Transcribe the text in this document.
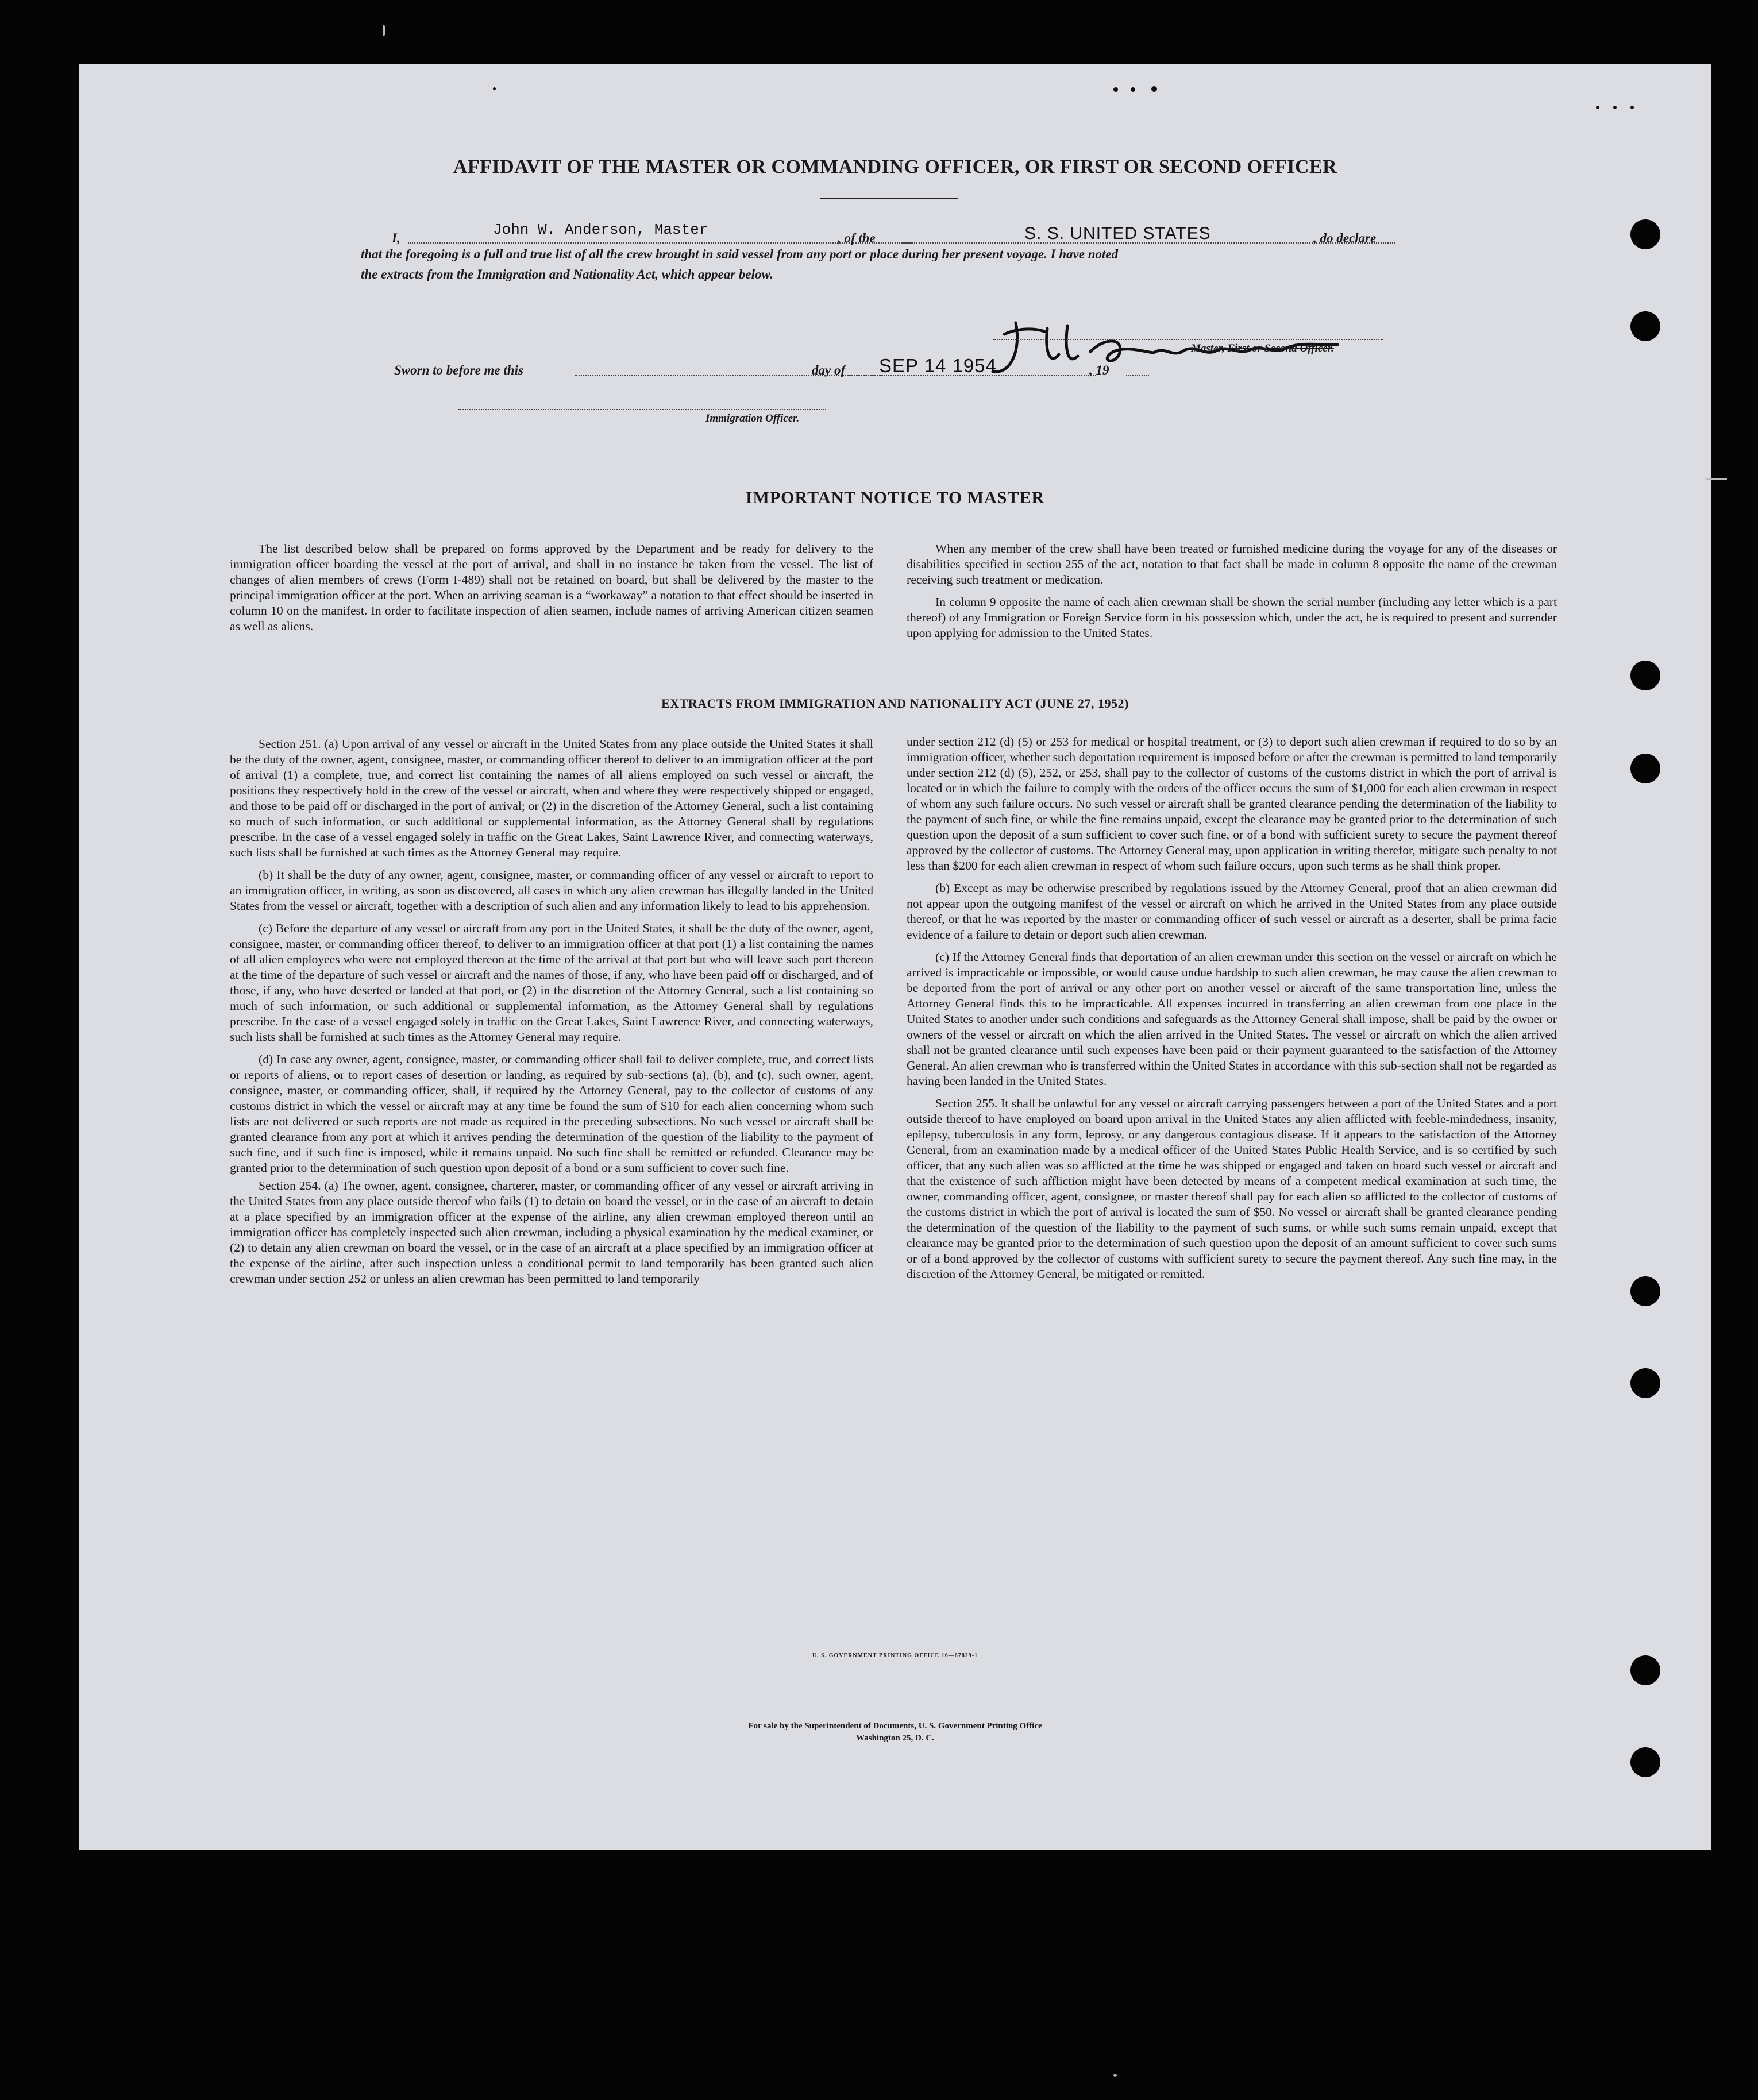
AFFIDAVIT OF THE MASTER OR COMMANDING OFFICER, OR FIRST OR SECOND OFFICER
I,	John W. Anderson, Master	, of the	S. S. UNITED STATES	, do declare
that the foregoing is a full and true list of all the crew brought in said vessel from any port or place during her present voyage. I have noted
the extracts from the Immigration and Nationality Act, which appear below.
Master, First or Second Officer.
Sworn to before me this	day of SEP 14 1954	, 19
Immigration Officer.
IMPORTANT NOTICE TO MASTER

The list described below shall be prepared on forms approved by the Department and be ready for delivery to the immigration officer boarding the vessel at the port of arrival, and shall in no instance be taken from the vessel. The list of changes of alien members of crews (Form I-489) shall not be retained on board, but shall be delivered by the master to the principal immigration officer at the port. When an arriving seaman is a “workaway” a notation to that effect should be inserted in column 10 on the manifest. In order to facilitate inspection of alien seamen, include names of arriving American citizen seamen as well as aliens.

When any member of the crew shall have been treated or furnished medicine during the voyage for any of the diseases or disabilities specified in section 255 of the act, notation to that fact shall be made in column 8 opposite the name of the crewman receiving such treatment or medication.

In column 9 opposite the name of each alien crewman shall be shown the serial number (including any letter which is a part thereof) of any Immigration or Foreign Service form in his possession which, under the act, he is required to present and surrender upon applying for admission to the United States.

EXTRACTS FROM IMMIGRATION AND NATIONALITY ACT (JUNE 27, 1952)

Section 251. (a) Upon arrival of any vessel or aircraft in the United States from any place outside the United States it shall be the duty of the owner, agent, consignee, master, or commanding officer thereof to deliver to an immigration officer at the port of arrival (1) a complete, true, and correct list containing the names of all aliens employed on such vessel or aircraft, the positions they respectively hold in the crew of the vessel or aircraft, when and where they were respectively shipped or engaged, and those to be paid off or discharged in the port of arrival; or (2) in the discretion of the Attorney General, such a list containing so much of such information, or such additional or supplemental information, as the Attorney General shall by regulations prescribe. In the case of a vessel engaged solely in traffic on the Great Lakes, Saint Lawrence River, and connecting waterways, such lists shall be furnished at such times as the Attorney General may require.

(b) It shall be the duty of any owner, agent, consignee, master, or commanding officer of any vessel or aircraft to report to an immigration officer, in writing, as soon as discovered, all cases in which any alien crewman has illegally landed in the United States from the vessel or aircraft, together with a description of such alien and any information likely to lead to his apprehension.

(c) Before the departure of any vessel or aircraft from any port in the United States, it shall be the duty of the owner, agent, consignee, master, or commanding officer thereof, to deliver to an immigration officer at that port (1) a list containing the names of all alien employees who were not employed thereon at the time of the arrival at that port but who will leave such port thereon at the time of the departure of such vessel or aircraft and the names of those, if any, who have been paid off or discharged, and of those, if any, who have deserted or landed at that port, or (2) in the discretion of the Attorney General, such a list containing so much of such information, or such additional or supplemental information, as the Attorney General shall by regulations prescribe. In the case of a vessel engaged solely in traffic on the Great Lakes, Saint Lawrence River, and connecting waterways, such lists shall be furnished at such times as the Attorney General may require.

(d) In case any owner, agent, consignee, master, or commanding officer shall fail to deliver complete, true, and correct lists or reports of aliens, or to report cases of desertion or landing, as required by sub-sections (a), (b), and (c), such owner, agent, consignee, master, or commanding officer, shall, if required by the Attorney General, pay to the collector of customs of any customs district in which the vessel or aircraft may at any time be found the sum of $10 for each alien concerning whom such lists are not delivered or such reports are not made as required in the preceding subsections. No such vessel or aircraft shall be granted clearance from any port at which it arrives pending the determination of the question of the liability to the payment of such fine, and if such fine is imposed, while it remains unpaid. No such fine shall be remitted or refunded. Clearance may be granted prior to the determination of such question upon deposit of a bond or a sum sufficient to cover such fine.

Section 254. (a) The owner, agent, consignee, charterer, master, or commanding officer of any vessel or aircraft arriving in the United States from any place outside thereof who fails (1) to detain on board the vessel, or in the case of an aircraft to detain at a place specified by an immigration officer at the expense of the airline, any alien crewman employed thereon until an immigration officer has completely inspected such alien crewman, including a physical examination by the medical examiner, or (2) to detain any alien crewman on board the vessel, or in the case of an aircraft at a place specified by an immigration officer at the expense of the airline, after such inspection unless a conditional permit to land temporarily has been granted such alien crewman under section 252 or unless an alien crewman has been permitted to land temporarily

under section 212 (d) (5) or 253 for medical or hospital treatment, or (3) to deport such alien crewman if required to do so by an immigration officer, whether such deportation requirement is imposed before or after the crewman is permitted to land temporarily under section 212 (d) (5), 252, or 253, shall pay to the collector of customs of the customs district in which the port of arrival is located or in which the failure to comply with the orders of the officer occurs the sum of $1,000 for each alien crewman in respect of whom any such failure occurs. No such vessel or aircraft shall be granted clearance pending the determination of the liability to the payment of such fine, or while the fine remains unpaid, except the clearance may be granted prior to the determination of such question upon the deposit of a sum sufficient to cover such fine, or of a bond with sufficient surety to secure the payment thereof approved by the collector of customs. The Attorney General may, upon application in writing therefor, mitigate such penalty to not less than $200 for each alien crewman in respect of whom such failure occurs, upon such terms as he shall think proper.

(b) Except as may be otherwise prescribed by regulations issued by the Attorney General, proof that an alien crewman did not appear upon the outgoing manifest of the vessel or aircraft on which he arrived in the United States from any place outside thereof, or that he was reported by the master or commanding officer of such vessel or aircraft as a deserter, shall be prima facie evidence of a failure to detain or deport such alien crewman.

(c) If the Attorney General finds that deportation of an alien crewman under this section on the vessel or aircraft on which he arrived is impracticable or impossible, or would cause undue hardship to such alien crewman, he may cause the alien crewman to be deported from the port of arrival or any other port on another vessel or aircraft of the same transportation line, unless the Attorney General finds this to be impracticable. All expenses incurred in transferring an alien crewman from one place in the United States to another under such conditions and safeguards as the Attorney General shall impose, shall be paid by the owner or owners of the vessel or aircraft on which the alien arrived in the United States. The vessel or aircraft on which the alien arrived shall not be granted clearance until such expenses have been paid or their payment guaranteed to the satisfaction of the Attorney General. An alien crewman who is transferred within the United States in accordance with this sub-section shall not be regarded as having been landed in the United States.

Section 255. It shall be unlawful for any vessel or aircraft carrying passengers between a port of the United States and a port outside thereof to have employed on board upon arrival in the United States any alien afflicted with feeble-mindedness, insanity, epilepsy, tuberculosis in any form, leprosy, or any dangerous contagious disease. If it appears to the satisfaction of the Attorney General, from an examination made by a medical officer of the United States Public Health Service, and is so certified by such officer, that any such alien was so afflicted at the time he was shipped or engaged and taken on board such vessel or aircraft and that the existence of such affliction might have been detected by means of a competent medical examination at such time, the owner, commanding officer, agent, consignee, or master thereof shall pay for each alien so afflicted to the collector of customs of the customs district in which the port of arrival is located the sum of $50. No vessel or aircraft shall be granted clearance pending the determination of the question of the liability to the payment of such sums, or while such sums remain unpaid, except that clearance may be granted prior to the determination of such question upon the deposit of an amount sufficient to cover such sums or of a bond approved by the collector of customs with sufficient surety to secure the payment thereof. Any such fine may, in the discretion of the Attorney General, be mitigated or remitted.

U. S. GOVERNMENT PRINTING OFFICE 16—67829-1
For sale by the Superintendent of Documents, U. S. Government Printing Office
Washington 25, D. C.
